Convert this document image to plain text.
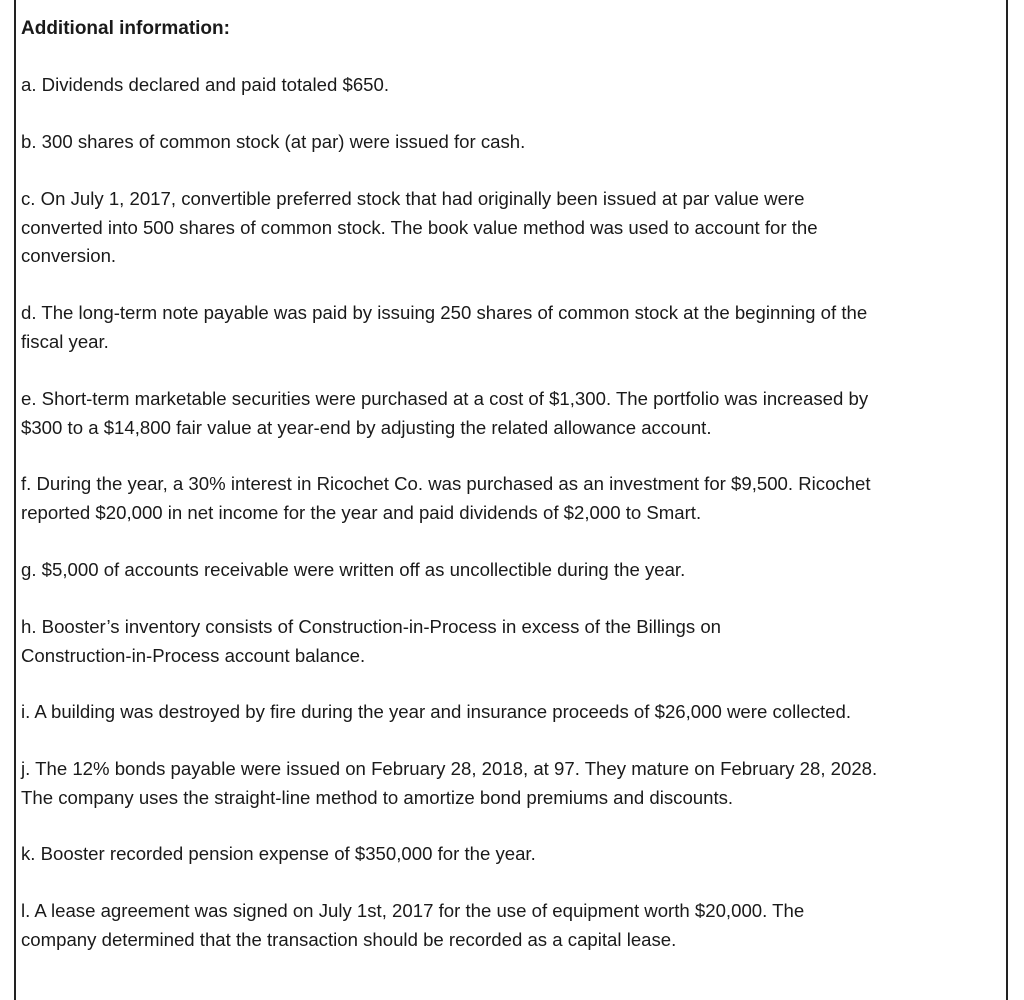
Additional information:
a. Dividends declared and paid totaled $650.
b. 300 shares of common stock (at par) were issued for cash.
c. On July 1, 2017, convertible preferred stock that had originally been issued at par value were
converted into 500 shares of common stock. The book value method was used to account for the
conversion.
d. The long-term note payable was paid by issuing 250 shares of common stock at the beginning of the
fiscal year.
e. Short-term marketable securities were purchased at a cost of $1,300. The portfolio was increased by
$300 to a $14,800 fair value at year-end by adjusting the related allowance account.
f. During the year, a 30% interest in Ricochet Co. was purchased as an investment for $9,500. Ricochet
reported $20,000 in net income for the year and paid dividends of $2,000 to Smart.
g. $5,000 of accounts receivable were written off as uncollectible during the year.
h. Booster’s inventory consists of Construction-in-Process in excess of the Billings on
Construction-in-Process account balance.
i. A building was destroyed by fire during the year and insurance proceeds of $26,000 were collected.
j. The 12% bonds payable were issued on February 28, 2018, at 97. They mature on February 28, 2028.
The company uses the straight-line method to amortize bond premiums and discounts.
k. Booster recorded pension expense of $350,000 for the year.
l. A lease agreement was signed on July 1st, 2017 for the use of equipment worth $20,000. The
company determined that the transaction should be recorded as a capital lease.
